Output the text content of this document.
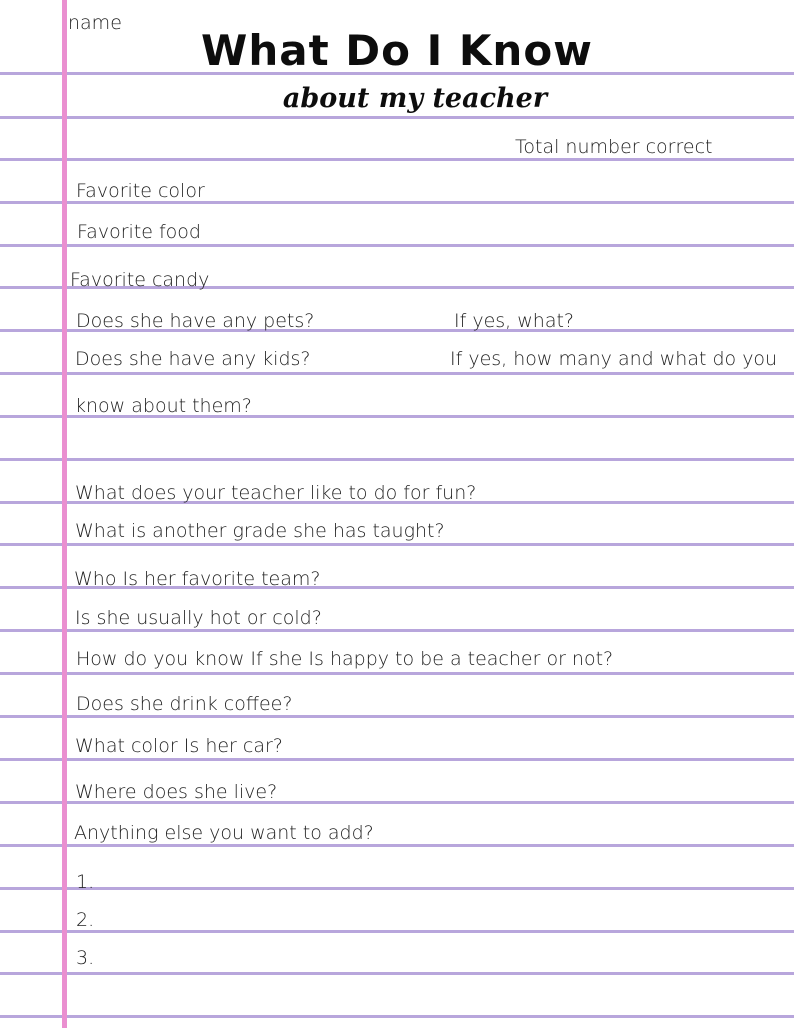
name
What Do I Know
about my teacher
Total number correct
Favorite color
Favorite food
Favorite candy
Does she have any pets?	If yes, what?
Does she have any kids?	If yes, how many and what do you
know about them?
What does your teacher like to do for fun?
What is another grade she has taught?
Who Is her favorite team?
Is she usually hot or cold?
How do you know If she Is happy to be a teacher or not?
Does she drink coffee?
What color Is her car?
Where does she live?
Anything else you want to add?
1.
2.
3.
